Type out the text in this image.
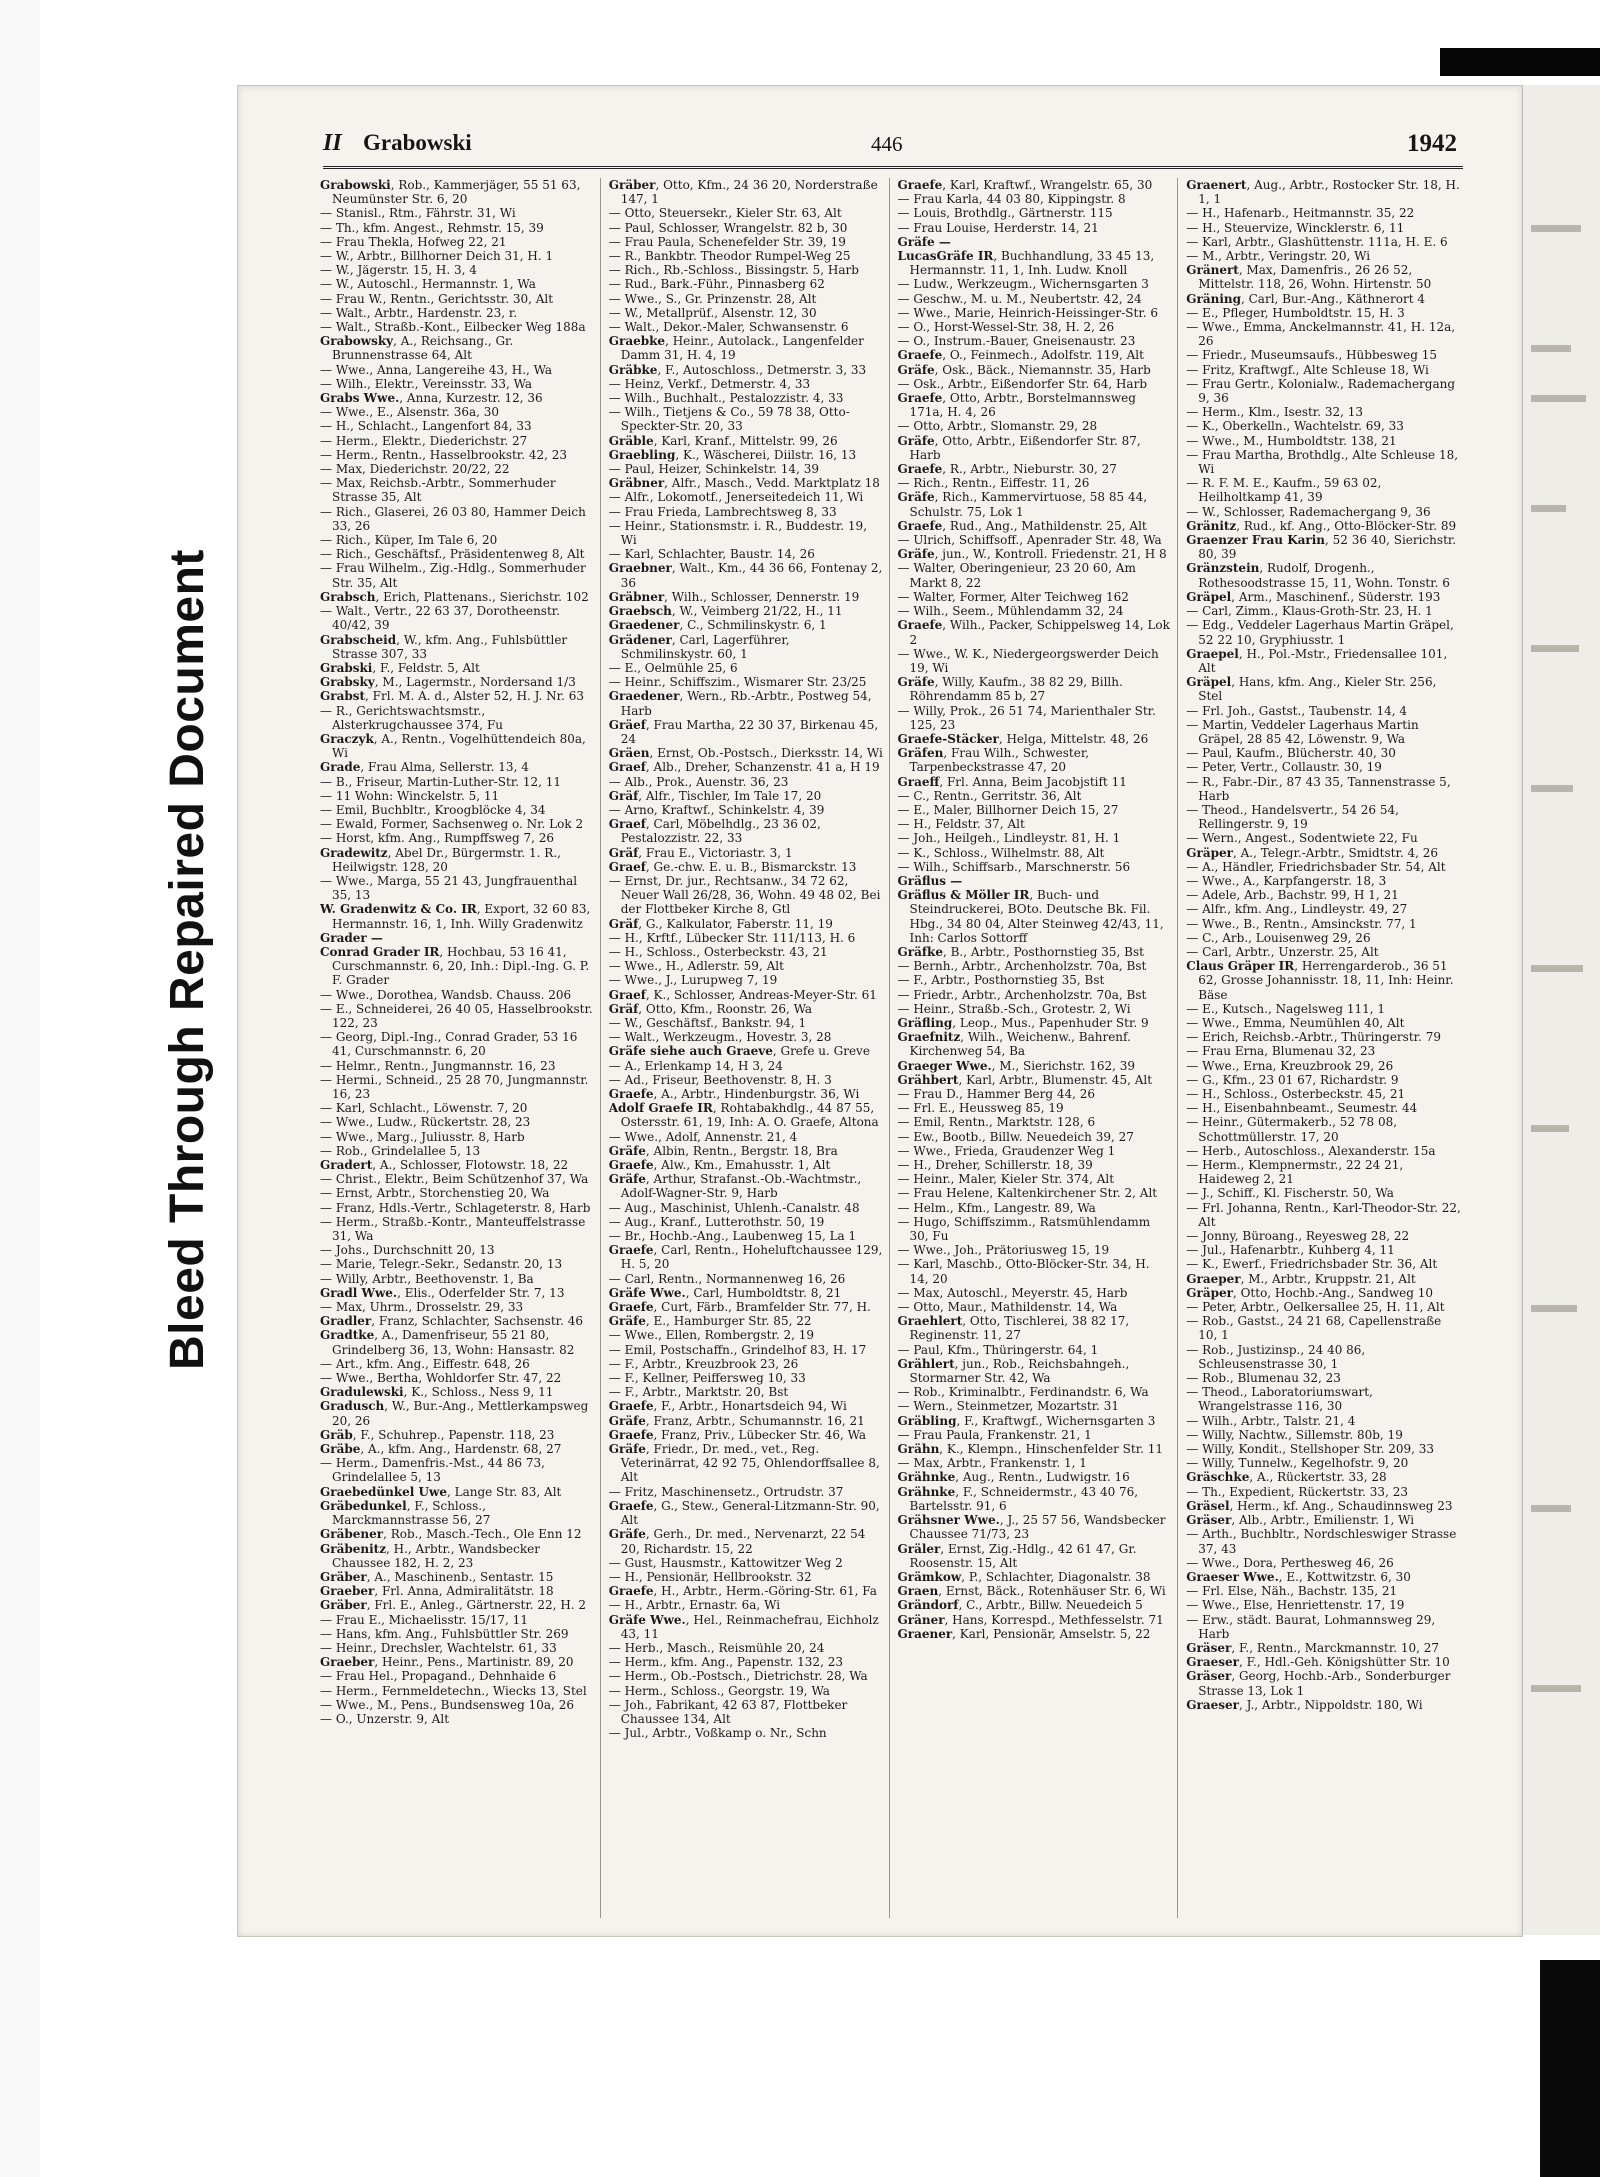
Bleed Through Repaired Document
II Grabowski	446	1942

Grabowski, Rob., Kammerjäger, 55 51 63, Neumünster Str. 6, 20

— Stanisl., Rtm., Fährstr. 31, Wi

— Th., kfm. Angest., Rehmstr. 15, 39

— Frau Thekla, Hofweg 22, 21

— W., Arbtr., Billhorner Deich 31, H. 1

— W., Jägerstr. 15, H. 3, 4

— W., Autoschl., Hermannstr. 1, Wa

— Frau W., Rentn., Gerichtsstr. 30, Alt

— Walt., Arbtr., Hardenstr. 23, r.

— Walt., Straßb.-Kont., Eilbecker Weg 188a

Grabowsky, A., Reichsang., Gr. Brunnenstrasse 64, Alt

— Wwe., Anna, Langereihe 43, H., Wa

— Wilh., Elektr., Vereinsstr. 33, Wa

Grabs Wwe., Anna, Kurzestr. 12, 36

— Wwe., E., Alsenstr. 36a, 30

— H., Schlacht., Langenfort 84, 33

— Herm., Elektr., Diederichstr. 27

— Herm., Rentn., Hasselbrookstr. 42, 23

— Max, Diederichstr. 20/22, 22

— Max, Reichsb.-Arbtr., Sommerhuder Strasse 35, Alt

— Rich., Glaserei, 26 03 80, Hammer Deich 33, 26

— Rich., Küper, Im Tale 6, 20

— Rich., Geschäftsf., Präsidentenweg 8, Alt

— Frau Wilhelm., Zig.-Hdlg., Sommerhuder Str. 35, Alt

Grabsch, Erich, Plattenans., Sierichstr. 102

— Walt., Vertr., 22 63 37, Dorotheenstr. 40/42, 39

Grabscheid, W., kfm. Ang., Fuhlsbüttler Strasse 307, 33

Grabski, F., Feldstr. 5, Alt

Grabsky, M., Lagermstr., Nordersand 1/3

Grabst, Frl. M. A. d., Alster 52, H. J. Nr. 63

— R., Gerichtswachtsmstr., Alsterkrugchaussee 374, Fu

Graczyk, A., Rentn., Vogelhüttendeich 80a, Wi

Grade, Frau Alma, Sellerstr. 13, 4

— B., Friseur, Martin-Luther-Str. 12, 11

— 11 Wohn: Winckelstr. 5, 11

— Emil, Buchbltr., Kroogblöcke 4, 34

— Ewald, Former, Sachsenweg o. Nr. Lok 2

— Horst, kfm. Ang., Rumpffsweg 7, 26

Gradewitz, Abel Dr., Bürgermstr. 1. R., Heilwigstr. 128, 20

— Wwe., Marga, 55 21 43, Jungfrauenthal 35, 13

W. Gradenwitz & Co. IR, Export, 32 60 83, Hermannstr. 16, 1, Inh. Willy Gradenwitz

Grader —

Conrad Grader IR, Hochbau, 53 16 41, Curschmannstr. 6, 20, Inh.: Dipl.-Ing. G. P. F. Grader

— Wwe., Dorothea, Wandsb. Chauss. 206

— E., Schneiderei, 26 40 05, Hasselbrookstr. 122, 23

— Georg, Dipl.-Ing., Conrad Grader, 53 16 41, Curschmannstr. 6, 20

— Helmr., Rentn., Jungmannstr. 16, 23

— Hermi., Schneid., 25 28 70, Jungmannstr. 16, 23

— Karl, Schlacht., Löwenstr. 7, 20

— Wwe., Ludw., Rückertstr. 28, 23

— Wwe., Marg., Juliusstr. 8, Harb

— Rob., Grindelallee 5, 13

Gradert, A., Schlosser, Flotowstr. 18, 22

— Christ., Elektr., Beim Schützenhof 37, Wa

— Ernst, Arbtr., Storchenstieg 20, Wa

— Franz, Hdls.-Vertr., Schlageterstr. 8, Harb

— Herm., Straßb.-Kontr., Manteuffelstrasse 31, Wa

— Johs., Durchschnitt 20, 13

— Marie, Telegr.-Sekr., Sedanstr. 20, 13

— Willy, Arbtr., Beethovenstr. 1, Ba

Gradl Wwe., Elis., Oderfelder Str. 7, 13

— Max, Uhrm., Drosselstr. 29, 33

Gradler, Franz, Schlachter, Sachsenstr. 46

Gradtke, A., Damenfriseur, 55 21 80, Grindelberg 36, 13, Wohn: Hansastr. 82

— Art., kfm. Ang., Eiffestr. 648, 26

— Wwe., Bertha, Wohldorfer Str. 47, 22

Gradulewski, K., Schloss., Ness 9, 11

Gradusch, W., Bur.-Ang., Mettlerkampsweg 20, 26

Gräb, F., Schuhrep., Papenstr. 118, 23

Gräbe, A., kfm. Ang., Hardenstr. 68, 27

— Herm., Damenfris.-Mst., 44 86 73, Grindelallee 5, 13

Graebedünkel Uwe, Lange Str. 83, Alt

Gräbedunkel, F., Schloss., Marckmannstrasse 56, 27

Gräbener, Rob., Masch.-Tech., Ole Enn 12

Gräbenitz, H., Arbtr., Wandsbecker Chaussee 182, H. 2, 23

Gräber, A., Maschinenb., Sentastr. 15

Graeber, Frl. Anna, Admiralitätstr. 18

Gräber, Frl. E., Anleg., Gärtnerstr. 22, H. 2

— Frau E., Michaelisstr. 15/17, 11

— Hans, kfm. Ang., Fuhlsbüttler Str. 269

— Heinr., Drechsler, Wachtelstr. 61, 33

Graeber, Heinr., Pens., Martinistr. 89, 20

— Frau Hel., Propagand., Dehnhaide 6

— Herm., Fernmeldetechn., Wiecks 13, Stel

— Wwe., M., Pens., Bundsensweg 10a, 26

— O., Unzerstr. 9, Alt

Gräber, Otto, Kfm., 24 36 20, Norderstraße 147, 1

— Otto, Steuersekr., Kieler Str. 63, Alt

— Paul, Schlosser, Wrangelstr. 82 b, 30

— Frau Paula, Schenefelder Str. 39, 19

— R., Bankbtr. Theodor Rumpel-Weg 25

— Rich., Rb.-Schloss., Bissingstr. 5, Harb

— Rud., Bark.-Führ., Pinnasberg 62

— Wwe., S., Gr. Prinzenstr. 28, Alt

— W., Metallprüf., Alsenstr. 12, 30

— Walt., Dekor.-Maler, Schwansenstr. 6

Graebke, Heinr., Autolack., Langenfelder Damm 31, H. 4, 19

Gräbke, F., Autoschloss., Detmerstr. 3, 33

— Heinz, Verkf., Detmerstr. 4, 33

— Wilh., Buchhalt., Pestalozzistr. 4, 33

— Wilh., Tietjens & Co., 59 78 38, Otto-Speckter-Str. 20, 33

Gräble, Karl, Kranf., Mittelstr. 99, 26

Graebling, K., Wäscherei, Diilstr. 16, 13

— Paul, Heizer, Schinkelstr. 14, 39

Gräbner, Alfr., Masch., Vedd. Marktplatz 18

— Alfr., Lokomotf., Jenerseitedeich 11, Wi

— Frau Frieda, Lambrechtsweg 8, 33

— Heinr., Stationsmstr. i. R., Buddestr. 19, Wi

— Karl, Schlachter, Baustr. 14, 26

Graebner, Walt., Km., 44 36 66, Fontenay 2, 36

Gräbner, Wilh., Schlosser, Dennerstr. 19

Graebsch, W., Veimberg 21/22, H., 11

Graedener, C., Schmilinskystr. 6, 1

Grädener, Carl, Lagerführer, Schmilinskystr. 60, 1

— E., Oelmühle 25, 6

— Heinr., Schiffszim., Wismarer Str. 23/25

Graedener, Wern., Rb.-Arbtr., Postweg 54, Harb

Gräef, Frau Martha, 22 30 37, Birkenau 45, 24

Gräen, Ernst, Ob.-Postsch., Dierksstr. 14, Wi

Graef, Alb., Dreher, Schanzenstr. 41 a, H 19

— Alb., Prok., Auenstr. 36, 23

Gräf, Alfr., Tischler, Im Tale 17, 20

— Arno, Kraftwf., Schinkelstr. 4, 39

Graef, Carl, Möbelhdlg., 23 36 02, Pestalozzistr. 22, 33

Gräf, Frau E., Victoriastr. 3, 1

Graef, Ge.-chw. E. u. B., Bismarckstr. 13

— Ernst, Dr. jur., Rechtsanw., 34 72 62, Neuer Wall 26/28, 36, Wohn. 49 48 02, Bei der Flottbeker Kirche 8, Gtl

Gräf, G., Kalkulator, Faberstr. 11, 19

— H., Krftf., Lübecker Str. 111/113, H. 6

— H., Schloss., Osterbeckstr. 43, 21

— Wwe., H., Adlerstr. 59, Alt

— Wwe., J., Lurupweg 7, 19

Graef, K., Schlosser, Andreas-Meyer-Str. 61

Gräf, Otto, Kfm., Roonstr. 26, Wa

— W., Geschäftsf., Bankstr. 94, 1

— Walt., Werkzeugm., Hovestr. 3, 28

Gräfe siehe auch Graeve, Grefe u. Greve

— A., Erlenkamp 14, H 3, 24

— Ad., Friseur, Beethovenstr. 8, H. 3

Graefe, A., Arbtr., Hindenburgstr. 36, Wi

Adolf Graefe IR, Rohtabakhdlg., 44 87 55, Ostersstr. 61, 19, Inh: A. O. Graefe, Altona

— Wwe., Adolf, Annenstr. 21, 4

Gräfe, Albin, Rentn., Bergstr. 18, Bra

Graefe, Alw., Km., Emahusstr. 1, Alt

Gräfe, Arthur, Strafanst.-Ob.-Wachtmstr., Adolf-Wagner-Str. 9, Harb

— Aug., Maschinist, Uhlenh.-Canalstr. 48

— Aug., Kranf., Lutterothstr. 50, 19

— Br., Hochb.-Ang., Laubenweg 15, La 1

Graefe, Carl, Rentn., Hoheluftchaussee 129, H. 5, 20

— Carl, Rentn., Normannenweg 16, 26

Gräfe Wwe., Carl, Humboldtstr. 8, 21

Graefe, Curt, Färb., Bramfelder Str. 77, H.

Gräfe, E., Hamburger Str. 85, 22

— Wwe., Ellen, Rombergstr. 2, 19

— Emil, Postschaffn., Grindelhof 83, H. 17

— F., Arbtr., Kreuzbrook 23, 26

— F., Kellner, Peiffersweg 10, 33

— F., Arbtr., Marktstr. 20, Bst

Graefe, F., Arbtr., Honartsdeich 94, Wi

Gräfe, Franz, Arbtr., Schumannstr. 16, 21

Graefe, Franz, Priv., Lübecker Str. 46, Wa

Gräfe, Friedr., Dr. med., vet., Reg. Veterinärrat, 42 92 75, Ohlendorffsallee 8, Alt

— Fritz, Maschinensetz., Ortrudstr. 37

Graefe, G., Stew., General-Litzmann-Str. 90, Alt

Gräfe, Gerh., Dr. med., Nervenarzt, 22 54 20, Richardstr. 15, 22

— Gust, Hausmstr., Kattowitzer Weg 2

— H., Pensionär, Hellbrookstr. 32

Graefe, H., Arbtr., Herm.-Göring-Str. 61, Fa

— H., Arbtr., Ernastr. 6a, Wi

Gräfe Wwe., Hel., Reinmachefrau, Eichholz 43, 11

— Herb., Masch., Reismühle 20, 24

— Herm., kfm. Ang., Papenstr. 132, 23

— Herm., Ob.-Postsch., Dietrichstr. 28, Wa

— Herm., Schloss., Georgstr. 19, Wa

— Joh., Fabrikant, 42 63 87, Flottbeker Chaussee 134, Alt

— Jul., Arbtr., Voßkamp o. Nr., Schn

Graefe, Karl, Kraftwf., Wrangelstr. 65, 30

— Frau Karla, 44 03 80, Kippingstr. 8

— Louis, Brothdlg., Gärtnerstr. 115

— Frau Louise, Herderstr. 14, 21

Gräfe —

LucasGräfe IR, Buchhandlung, 33 45 13, Hermannstr. 11, 1, Inh. Ludw. Knoll

— Ludw., Werkzeugm., Wichernsgarten 3

— Geschw., M. u. M., Neubertstr. 42, 24

— Wwe., Marie, Heinrich-Heissinger-Str. 6

— O., Horst-Wessel-Str. 38, H. 2, 26

— O., Instrum.-Bauer, Gneisenaustr. 23

Graefe, O., Feinmech., Adolfstr. 119, Alt

Gräfe, Osk., Bäck., Niemannstr. 35, Harb

— Osk., Arbtr., Eißendorfer Str. 64, Harb

Graefe, Otto, Arbtr., Borstelmannsweg 171a, H. 4, 26

— Otto, Arbtr., Slomanstr. 29, 28

Gräfe, Otto, Arbtr., Eißendorfer Str. 87, Harb

Graefe, R., Arbtr., Nieburstr. 30, 27

— Rich., Rentn., Eiffestr. 11, 26

Gräfe, Rich., Kammervirtuose, 58 85 44, Schulstr. 75, Lok 1

Graefe, Rud., Ang., Mathildenstr. 25, Alt

— Ulrich, Schiffsoff., Apenrader Str. 48, Wa

Gräfe, jun., W., Kontroll. Friedenstr. 21, H 8

— Walter, Oberingenieur, 23 20 60, Am Markt 8, 22

— Walter, Former, Alter Teichweg 162

— Wilh., Seem., Mühlendamm 32, 24

Graefe, Wilh., Packer, Schippelsweg 14, Lok 2

— Wwe., W. K., Niedergeorgswerder Deich 19, Wi

Gräfe, Willy, Kaufm., 38 82 29, Billh. Röhrendamm 85 b, 27

— Willy, Prok., 26 51 74, Marienthaler Str. 125, 23

Graefe-Stäcker, Helga, Mittelstr. 48, 26

Gräfen, Frau Wilh., Schwester, Tarpenbeckstrasse 47, 20

Graeff, Frl. Anna, Beim Jacobjstift 11

— C., Rentn., Gerritstr. 36, Alt

— E., Maler, Billhorner Deich 15, 27

— H., Feldstr. 37, Alt

— Joh., Heilgeh., Lindleystr. 81, H. 1

— K., Schloss., Wilhelmstr. 88, Alt

— Wilh., Schiffsarb., Marschnerstr. 56

Gräflus —

Gräflus & Möller IR, Buch- und Steindruckerei, BOto. Deutsche Bk. Fil. Hbg., 34 80 04, Alter Steinweg 42/43, 11, Inh: Carlos Sottorff

Gräfke, B., Arbtr., Posthornstieg 35, Bst

— Bernh., Arbtr., Archenholzstr. 70a, Bst

— F., Arbtr., Posthornstieg 35, Bst

— Friedr., Arbtr., Archenholzstr. 70a, Bst

— Heinr., Straßb.-Sch., Grotestr. 2, Wi

Gräfling, Leop., Mus., Papenhuder Str. 9

Graefnitz, Wilh., Weichenw., Bahrenf. Kirchenweg 54, Ba

Graeger Wwe., M., Sierichstr. 162, 39

Grähbert, Karl, Arbtr., Blumenstr. 45, Alt

— Frau D., Hammer Berg 44, 26

— Frl. E., Heussweg 85, 19

— Emil, Rentn., Marktstr. 128, 6

— Ew., Bootb., Billw. Neuedeich 39, 27

— Wwe., Frieda, Graudenzer Weg 1

— H., Dreher, Schillerstr. 18, 39

— Heinr., Maler, Kieler Str. 374, Alt

— Frau Helene, Kaltenkirchener Str. 2, Alt

— Helm., Kfm., Langestr. 89, Wa

— Hugo, Schiffszimm., Ratsmühlendamm 30, Fu

— Wwe., Joh., Prätoriusweg 15, 19

— Karl, Maschb., Otto-Blöcker-Str. 34, H. 14, 20

— Max, Autoschl., Meyerstr. 45, Harb

— Otto, Maur., Mathildenstr. 14, Wa

Graehlert, Otto, Tischlerei, 38 82 17, Reginenstr. 11, 27

— Paul, Kfm., Thüringerstr. 64, 1

Grählert, jun., Rob., Reichsbahngeh., Stormarner Str. 42, Wa

— Rob., Kriminalbtr., Ferdinandstr. 6, Wa

— Wern., Steinmetzer, Mozartstr. 31

Gräbling, F., Kraftwgf., Wichernsgarten 3

— Frau Paula, Frankenstr. 21, 1

Grähn, K., Klempn., Hinschenfelder Str. 11

— Max, Arbtr., Frankenstr. 1, 1

Grähnke, Aug., Rentn., Ludwigstr. 16

Grähnke, F., Schneidermstr., 43 40 76, Bartelsstr. 91, 6

Grähsner Wwe., J., 25 57 56, Wandsbecker Chaussee 71/73, 23

Gräler, Ernst, Zig.-Hdlg., 42 61 47, Gr. Roosenstr. 15, Alt

Grämkow, P., Schlachter, Diagonalstr. 38

Graen, Ernst, Bäck., Rotenhäuser Str. 6, Wi

Grändorf, C., Arbtr., Billw. Neuedeich 5

Gräner, Hans, Korrespd., Methfesselstr. 71

Graener, Karl, Pensionär, Amselstr. 5, 22

Graenert, Aug., Arbtr., Rostocker Str. 18, H. 1, 1

— H., Hafenarb., Heitmannstr. 35, 22

— H., Steuervize, Wincklerstr. 6, 11

— Karl, Arbtr., Glashüttenstr. 111a, H. E. 6

— M., Arbtr., Veringstr. 20, Wi

Gränert, Max, Damenfris., 26 26 52, Mittelstr. 118, 26, Wohn. Hirtenstr. 50

Gräning, Carl, Bur.-Ang., Käthnerort 4

— E., Pfleger, Humboldtstr. 15, H. 3

— Wwe., Emma, Anckelmannstr. 41, H. 12a, 26

— Friedr., Museumsaufs., Hübbesweg 15

— Fritz, Kraftwgf., Alte Schleuse 18, Wi

— Frau Gertr., Kolonialw., Rademachergang 9, 36

— Herm., Klm., Isestr. 32, 13

— K., Oberkelln., Wachtelstr. 69, 33

— Wwe., M., Humboldtstr. 138, 21

— Frau Martha, Brothdlg., Alte Schleuse 18, Wi

— R. F. M. E., Kaufm., 59 63 02, Heilholtkamp 41, 39

— W., Schlosser, Rademachergang 9, 36

Gränitz, Rud., kf. Ang., Otto-Blöcker-Str. 89

Graenzer Frau Karin, 52 36 40, Sierichstr. 80, 39

Gränzstein, Rudolf, Drogenh., Rothesoodstrasse 15, 11, Wohn. Tonstr. 6

Gräpel, Arm., Maschinenf., Süderstr. 193

— Carl, Zimm., Klaus-Groth-Str. 23, H. 1

— Edg., Veddeler Lagerhaus Martin Gräpel, 52 22 10, Gryphiusstr. 1

Graepel, H., Pol.-Mstr., Friedensallee 101, Alt

Gräpel, Hans, kfm. Ang., Kieler Str. 256, Stel

— Frl. Joh., Gastst., Taubenstr. 14, 4

— Martin, Veddeler Lagerhaus Martin Gräpel, 28 85 42, Löwenstr. 9, Wa

— Paul, Kaufm., Blücherstr. 40, 30

— Peter, Vertr., Collaustr. 30, 19

— R., Fabr.-Dir., 87 43 35, Tannenstrasse 5, Harb

— Theod., Handelsvertr., 54 26 54, Rellingerstr. 9, 19

— Wern., Angest., Sodentwiete 22, Fu

Gräper, A., Telegr.-Arbtr., Smidtstr. 4, 26

— A., Händler, Friedrichsbader Str. 54, Alt

— Wwe., A., Karpfangerstr. 18, 3

— Adele, Arb., Bachstr. 99, H 1, 21

— Alfr., kfm. Ang., Lindleystr. 49, 27

— Wwe., B., Rentn., Amsinckstr. 77, 1

— C., Arb., Louisenweg 29, 26

— Carl, Arbtr., Unzerstr. 25, Alt

Claus Gräper IR, Herrengarderob., 36 51 62, Grosse Johannisstr. 18, 11, Inh: Heinr. Bäse

— E., Kutsch., Nagelsweg 111, 1

— Wwe., Emma, Neumühlen 40, Alt

— Erich, Reichsb.-Arbtr., Thüringerstr. 79

— Frau Erna, Blumenau 32, 23

— Wwe., Erna, Kreuzbrook 29, 26

— G., Kfm., 23 01 67, Richardstr. 9

— H., Schloss., Osterbeckstr. 45, 21

— H., Eisenbahnbeamt., Seumestr. 44

— Heinr., Gütermakerb., 52 78 08, Schottmüllerstr. 17, 20

— Herb., Autoschloss., Alexanderstr. 15a

— Herm., Klempnermstr., 22 24 21, Haideweg 2, 21

— J., Schiff., Kl. Fischerstr. 50, Wa

— Frl. Johanna, Rentn., Karl-Theodor-Str. 22, Alt

— Jonny, Büroang., Reyesweg 28, 22

— Jul., Hafenarbtr., Kuhberg 4, 11

— K., Ewerf., Friedrichsbader Str. 36, Alt

Graeper, M., Arbtr., Kruppstr. 21, Alt

Gräper, Otto, Hochb.-Ang., Sandweg 10

— Peter, Arbtr., Oelkersallee 25, H. 11, Alt

— Rob., Gastst., 24 21 68, Capellenstraße 10, 1

— Rob., Justizinsp., 24 40 86, Schleusenstrasse 30, 1

— Rob., Blumenau 32, 23

— Theod., Laboratoriumswart, Wrangelstrasse 116, 30

— Wilh., Arbtr., Talstr. 21, 4

— Willy, Nachtw., Sillemstr. 80b, 19

— Willy, Kondit., Stellshoper Str. 209, 33

— Willy, Tunnelw., Kegelhofstr. 9, 20

Gräschke, A., Rückertstr. 33, 28

— Th., Expedient, Rückertstr. 33, 23

Gräsel, Herm., kf. Ang., Schaudinnsweg 23

Gräser, Alb., Arbtr., Emilienstr. 1, Wi

— Arth., Buchbltr., Nordschleswiger Strasse 37, 43

— Wwe., Dora, Perthesweg 46, 26

Graeser Wwe., E., Kottwitzstr. 6, 30

— Frl. Else, Näh., Bachstr. 135, 21

— Wwe., Else, Henriettenstr. 17, 19

— Erw., städt. Baurat, Lohmannsweg 29, Harb

Gräser, F., Rentn., Marckmannstr. 10, 27

Graeser, F., Hdl.-Geh. Königshütter Str. 10

Gräser, Georg, Hochb.-Arb., Sonderburger Strasse 13, Lok 1

Graeser, J., Arbtr., Nippoldstr. 180, Wi
